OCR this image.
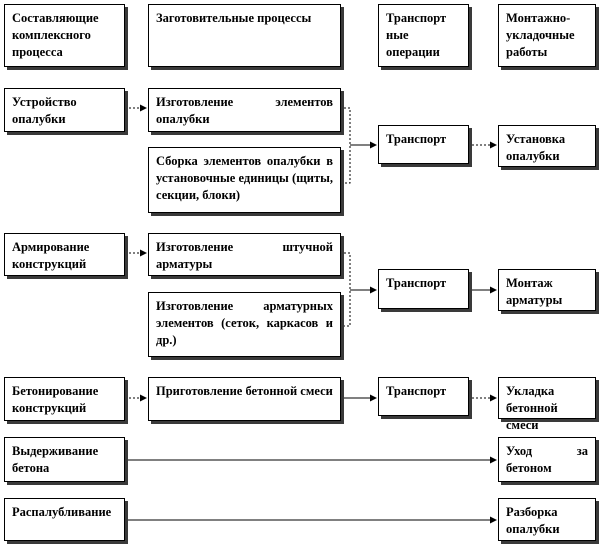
Составляющие комплексного процесса
Заготовительные процессы	Транспорт ные операции
Монтажно-укладочные работы
Устройство опалубки
Изготовление элементов опалубки
Сборка элементов опалубки в установочные единицы (щиты, секции, блоки)
Транспорт	Установка опалубки
Армирование конструкций
Изготовление штучной арматуры
Изготовление арматурных элементов (сеток, каркасов и др.)
Транспорт	Монтаж арматуры
Бетонирование конструкций
Приготовление бетонной смеси	Транспорт	Укладка бетонной смеси
Выдерживание бетона
Уход за бетоном
Распалубливание	Разборка опалубки
